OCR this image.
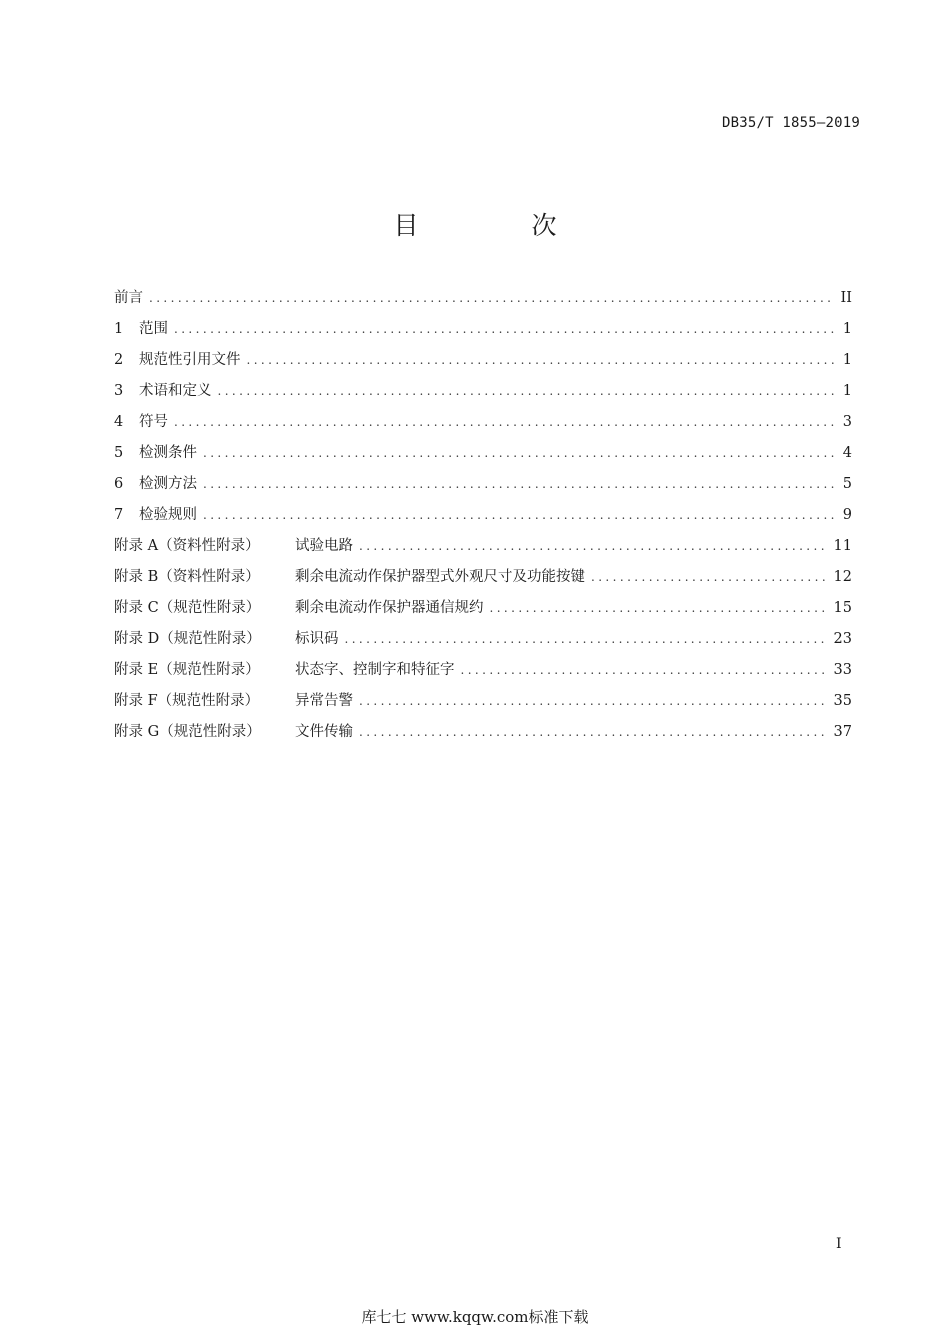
DB35/T 1855—2019
目　次
前言 .....	II
1 范围 .....	1
2 规范性引用文件 .....	1
3 术语和定义 .....	1
4 符号 .....	3
5 检测条件 .....	4
6 检测方法 .....	5
7 检验规则 .....	9
附录 A（资料性附录） 试验电路 .....	11
附录 B（资料性附录） 剩余电流动作保护器型式外观尺寸及功能按键 .....	12
附录 C（规范性附录） 剩余电流动作保护器通信规约 .....	15
附录 D（规范性附录） 标识码 .....	23
附录 E（规范性附录） 状态字、控制字和特征字 .....	33
附录 F（规范性附录） 异常告警 .....	35
附录 G（规范性附录） 文件传输 .....	37
I
库七七 www.kqqw.com标准下载
